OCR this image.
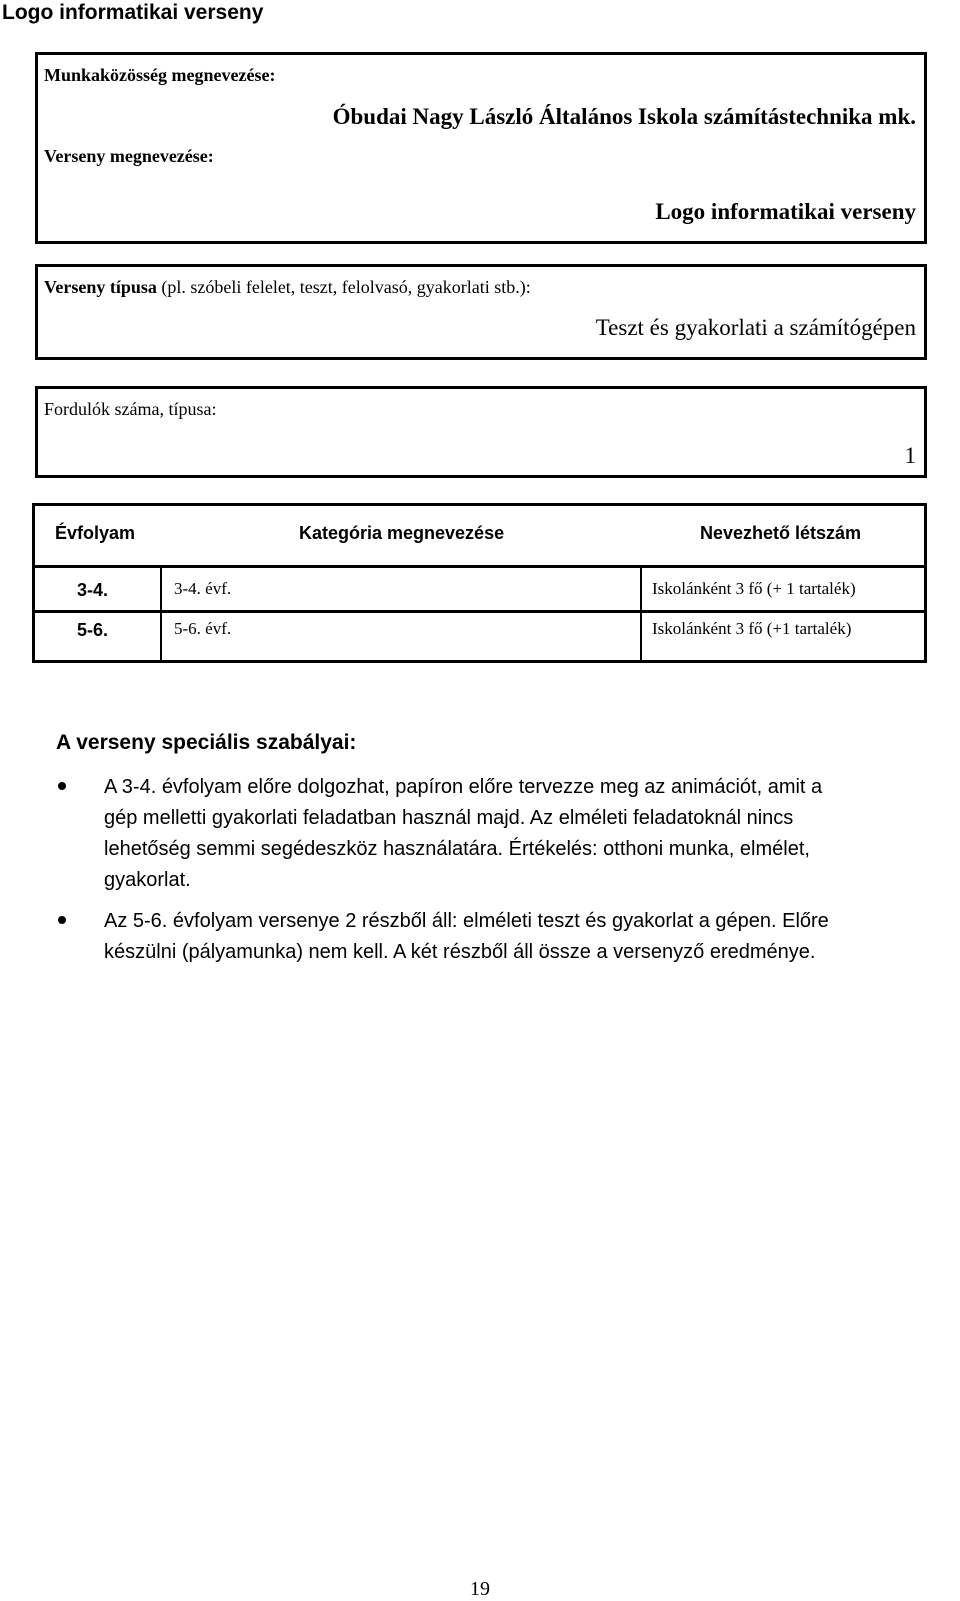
Logo informatikai verseny
Munkaközösség megnevezése:
Óbudai Nagy László Általános Iskola számítástechnika mk.
Verseny megnevezése:
Logo informatikai verseny
Verseny típusa (pl. szóbeli felelet, teszt, felolvasó, gyakorlati stb.):
Teszt és gyakorlati a számítógépen
Fordulók száma, típusa:
1
Évfolyam	Kategória megnevezése	Nevezhető létszám
3-4.	3-4. évf.	Iskolánként 3 fő (+ 1 tartalék)
5-6.	5-6. évf.	Iskolánként 3 fő (+1 tartalék)
A verseny speciális szabályai:
A 3-4. évfolyam előre dolgozhat, papíron előre tervezze meg az animációt, amit a
gép melletti gyakorlati feladatban használ majd. Az elméleti feladatoknál nincs
lehetőség semmi segédeszköz használatára. Értékelés: otthoni munka, elmélet,
gyakorlat.
Az 5-6. évfolyam versenye 2 részből áll: elméleti teszt és gyakorlat a gépen. Előre
készülni (pályamunka) nem kell. A két részből áll össze a versenyző eredménye.
19
